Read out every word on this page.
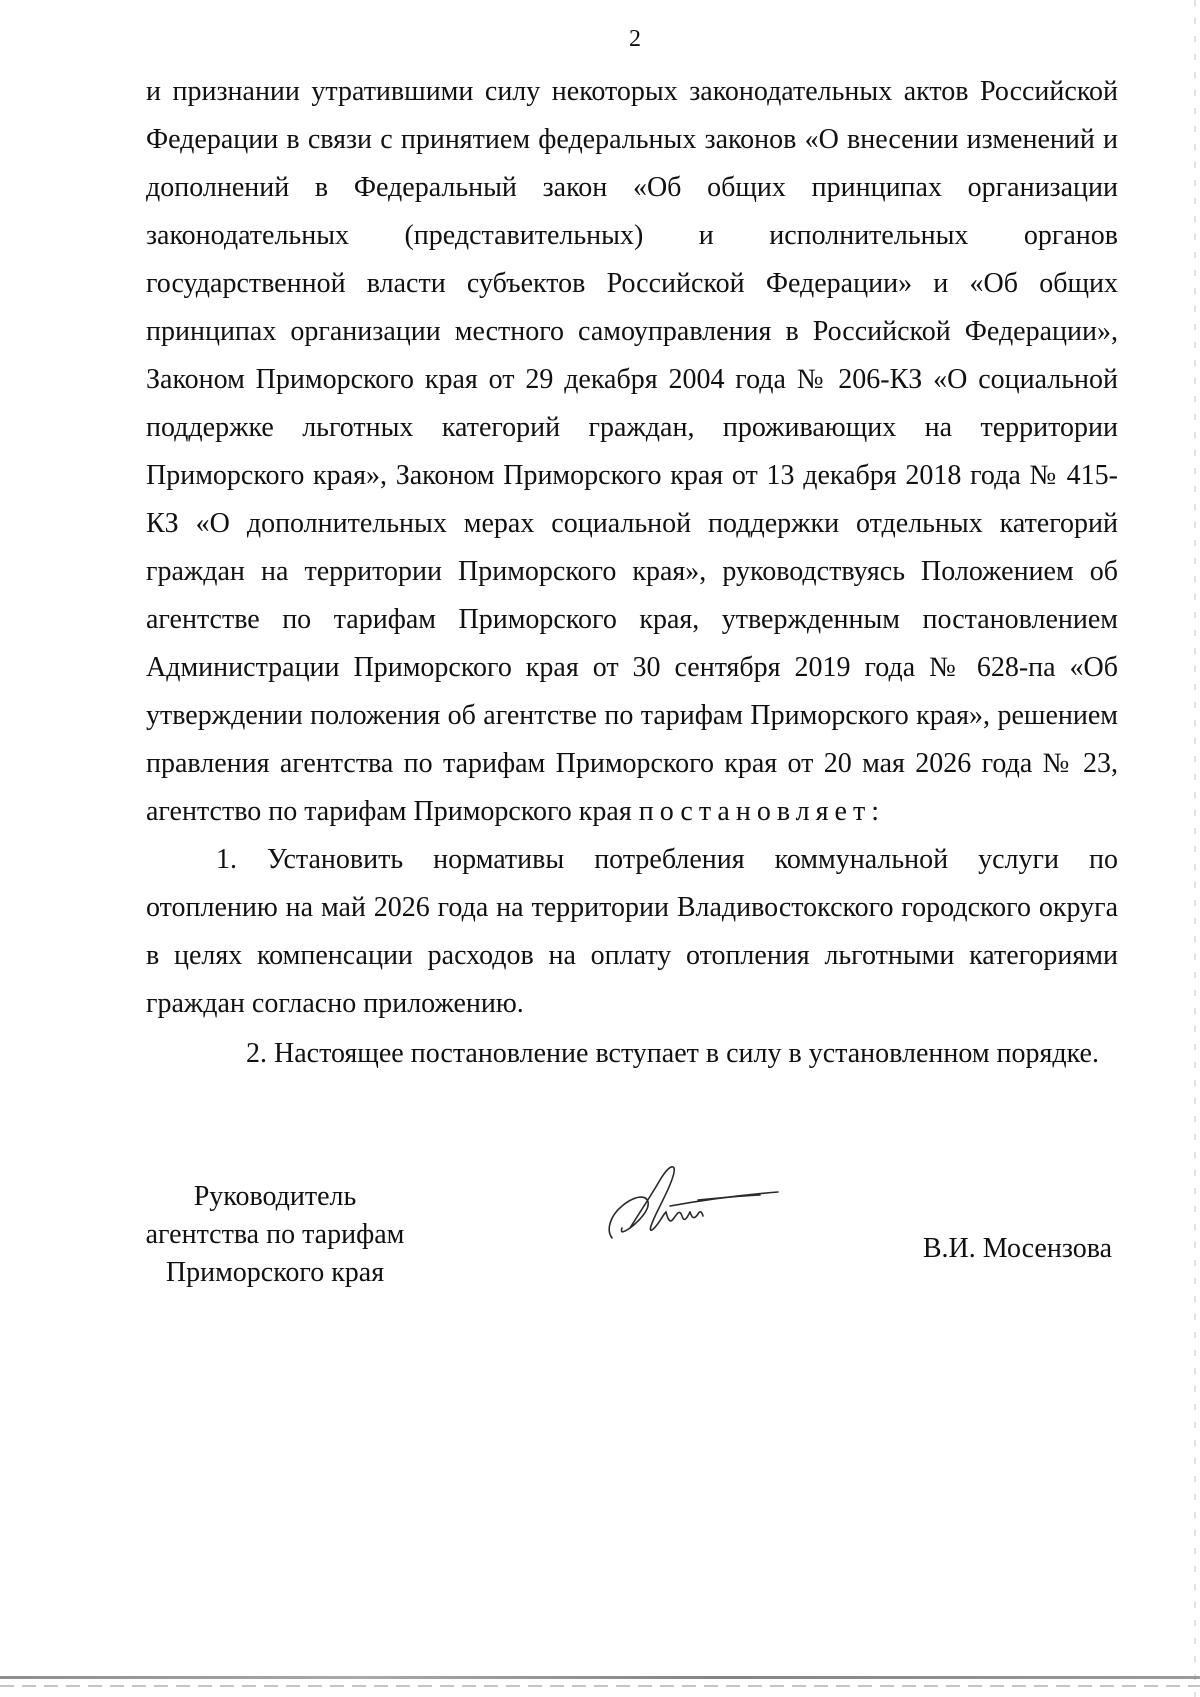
2

и признании утратившими силу некоторых законодательных актов Российской Федерации в связи с принятием федеральных законов «О внесении изменений и дополнений в Федеральный закон «Об общих принципах организации законодательных (представительных) и исполнительных органов государственной власти субъектов Российской Федерации» и «Об общих принципах организации местного самоуправления в Российской Федерации», Законом Приморского края от 29 декабря 2004 года № 206-КЗ «О социальной поддержке льготных категорий граждан, проживающих на территории Приморского края», Законом Приморского края от 13 декабря 2018 года № 415- КЗ «О дополнительных мерах социальной поддержки отдельных категорий граждан на территории Приморского края», руководствуясь Положением об агентстве по тарифам Приморского края, утвержденным постановлением Администрации Приморского края от 30 сентября 2019 года № 628-па «Об утверждении положения об агентстве по тарифам Приморского края», решением правления агентства по тарифам Приморского края от 20 мая 2026 года № 23, агентство по тарифам Приморского края постановляет:

1. Установить нормативы потребления коммунальной услуги по отоплению на май 2026 года на территории Владивостокского городского округа в целях компенсации расходов на оплату отопления льготными категориями граждан согласно приложению.

2. Настоящее постановление вступает в силу в установленном порядке.

Руководитель
агентства по тарифам
Приморского края
В.И. Мосензова
